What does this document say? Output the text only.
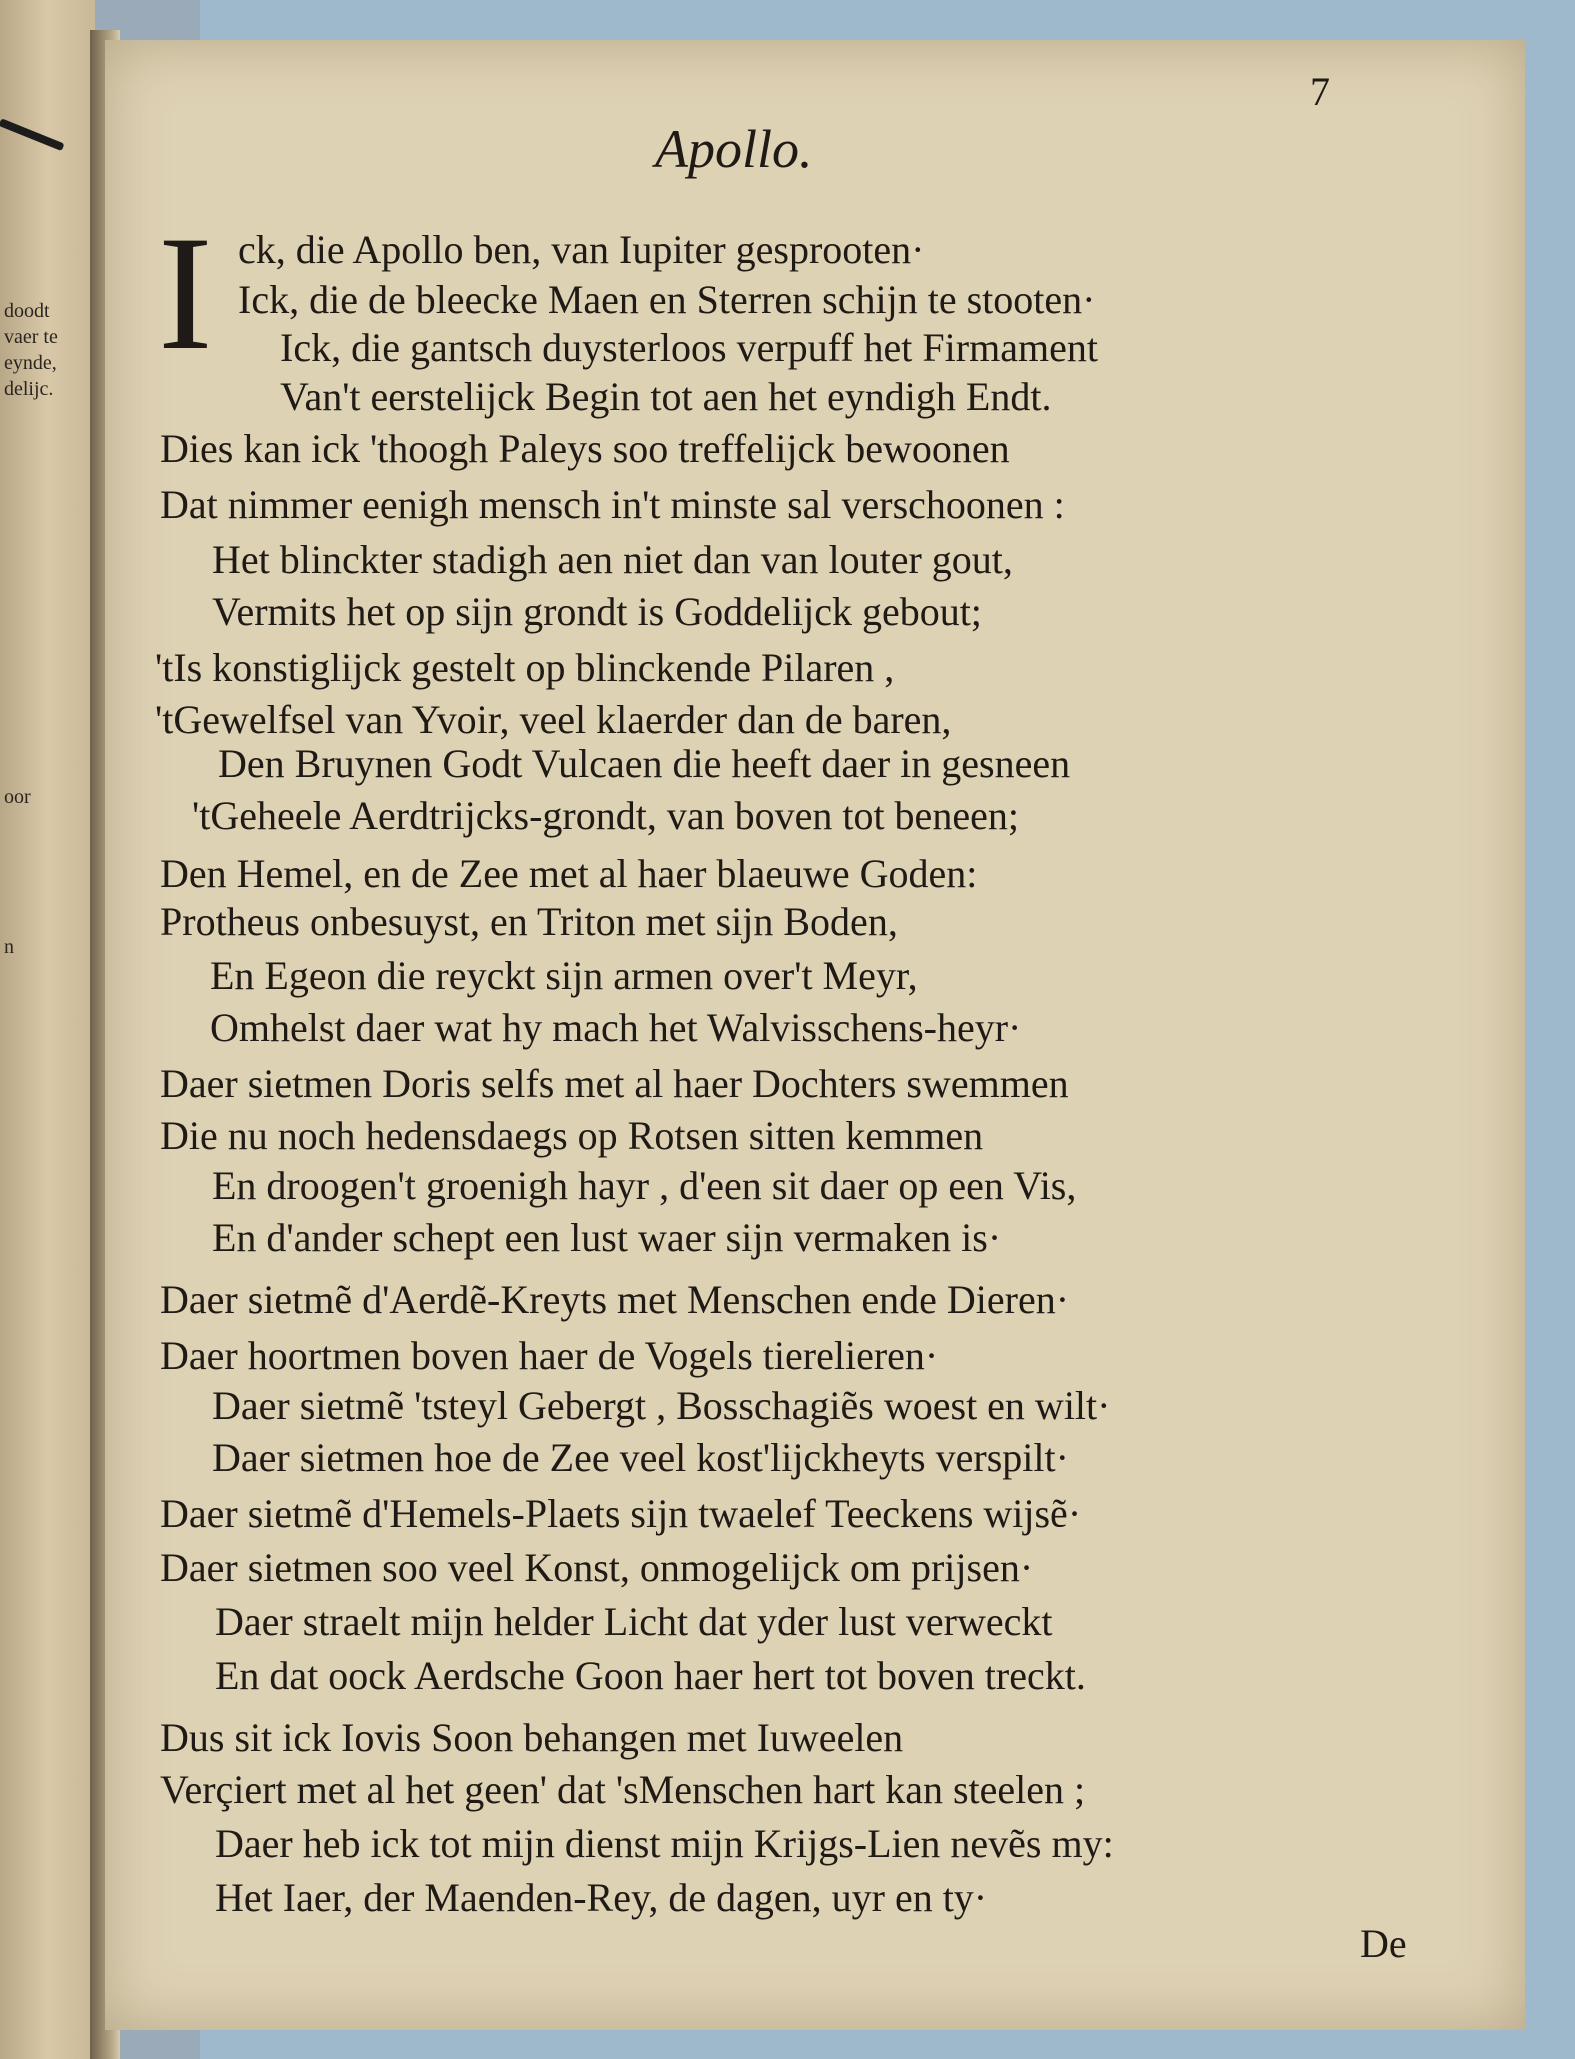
doodt
vaer te
eynde,
delijc.
oor
n
7
Apollo.
I ck, die Apollo ben, van Iupiter gesprooten·
Ick, die de bleecke Maen en Sterren schijn te stooten·
Ick, die gantsch duysterloos verpuff het Firmament
Van't eerstelijck Begin tot aen het eyndigh Endt.
Dies kan ick 'thoogh Paleys soo treffelijck bewoonen
Dat nimmer eenigh mensch in't minste sal verschoonen :
Het blinckter stadigh aen niet dan van louter gout,
Vermits het op sijn grondt is Goddelijck gebout;
'tIs konstiglijck gestelt op blinckende Pilaren ,
'tGewelfsel van Yvoir, veel klaerder dan de baren,
Den Bruynen Godt Vulcaen die heeft daer in gesneen
'tGeheele Aerdtrijcks-grondt, van boven tot beneen;
Den Hemel, en de Zee met al haer blaeuwe Goden:
Protheus onbesuyst, en Triton met sijn Boden,
En Egeon die reyckt sijn armen over't Meyr,
Omhelst daer wat hy mach het Walvisschens-heyr·
Daer sietmen Doris selfs met al haer Dochters swemmen
Die nu noch hedensdaegs op Rotsen sitten kemmen
En droogen't groenigh hayr , d'een sit daer op een Vis,
En d'ander schept een lust waer sijn vermaken is·
Daer sietmẽ d'Aerdẽ-Kreyts met Menschen ende Dieren·
Daer hoortmen boven haer de Vogels tierelieren·
Daer sietmẽ 'tsteyl Gebergt , Bosschagiẽs woest en wilt·
Daer sietmen hoe de Zee veel kost'lijckheyts verspilt·
Daer sietmẽ d'Hemels-Plaets sijn twaelef Teeckens wijsẽ·
Daer sietmen soo veel Konst, onmogelijck om prijsen·
Daer straelt mijn helder Licht dat yder lust verweckt
En dat oock Aerdsche Goon haer hert tot boven treckt.
Dus sit ick Iovis Soon behangen met Iuweelen
Verçiert met al het geen' dat 'sMenschen hart kan steelen ;
Daer heb ick tot mijn dienst mijn Krijgs-Lien nevẽs my:
Het Iaer, der Maenden-Rey, de dagen, uyr en ty·
De
